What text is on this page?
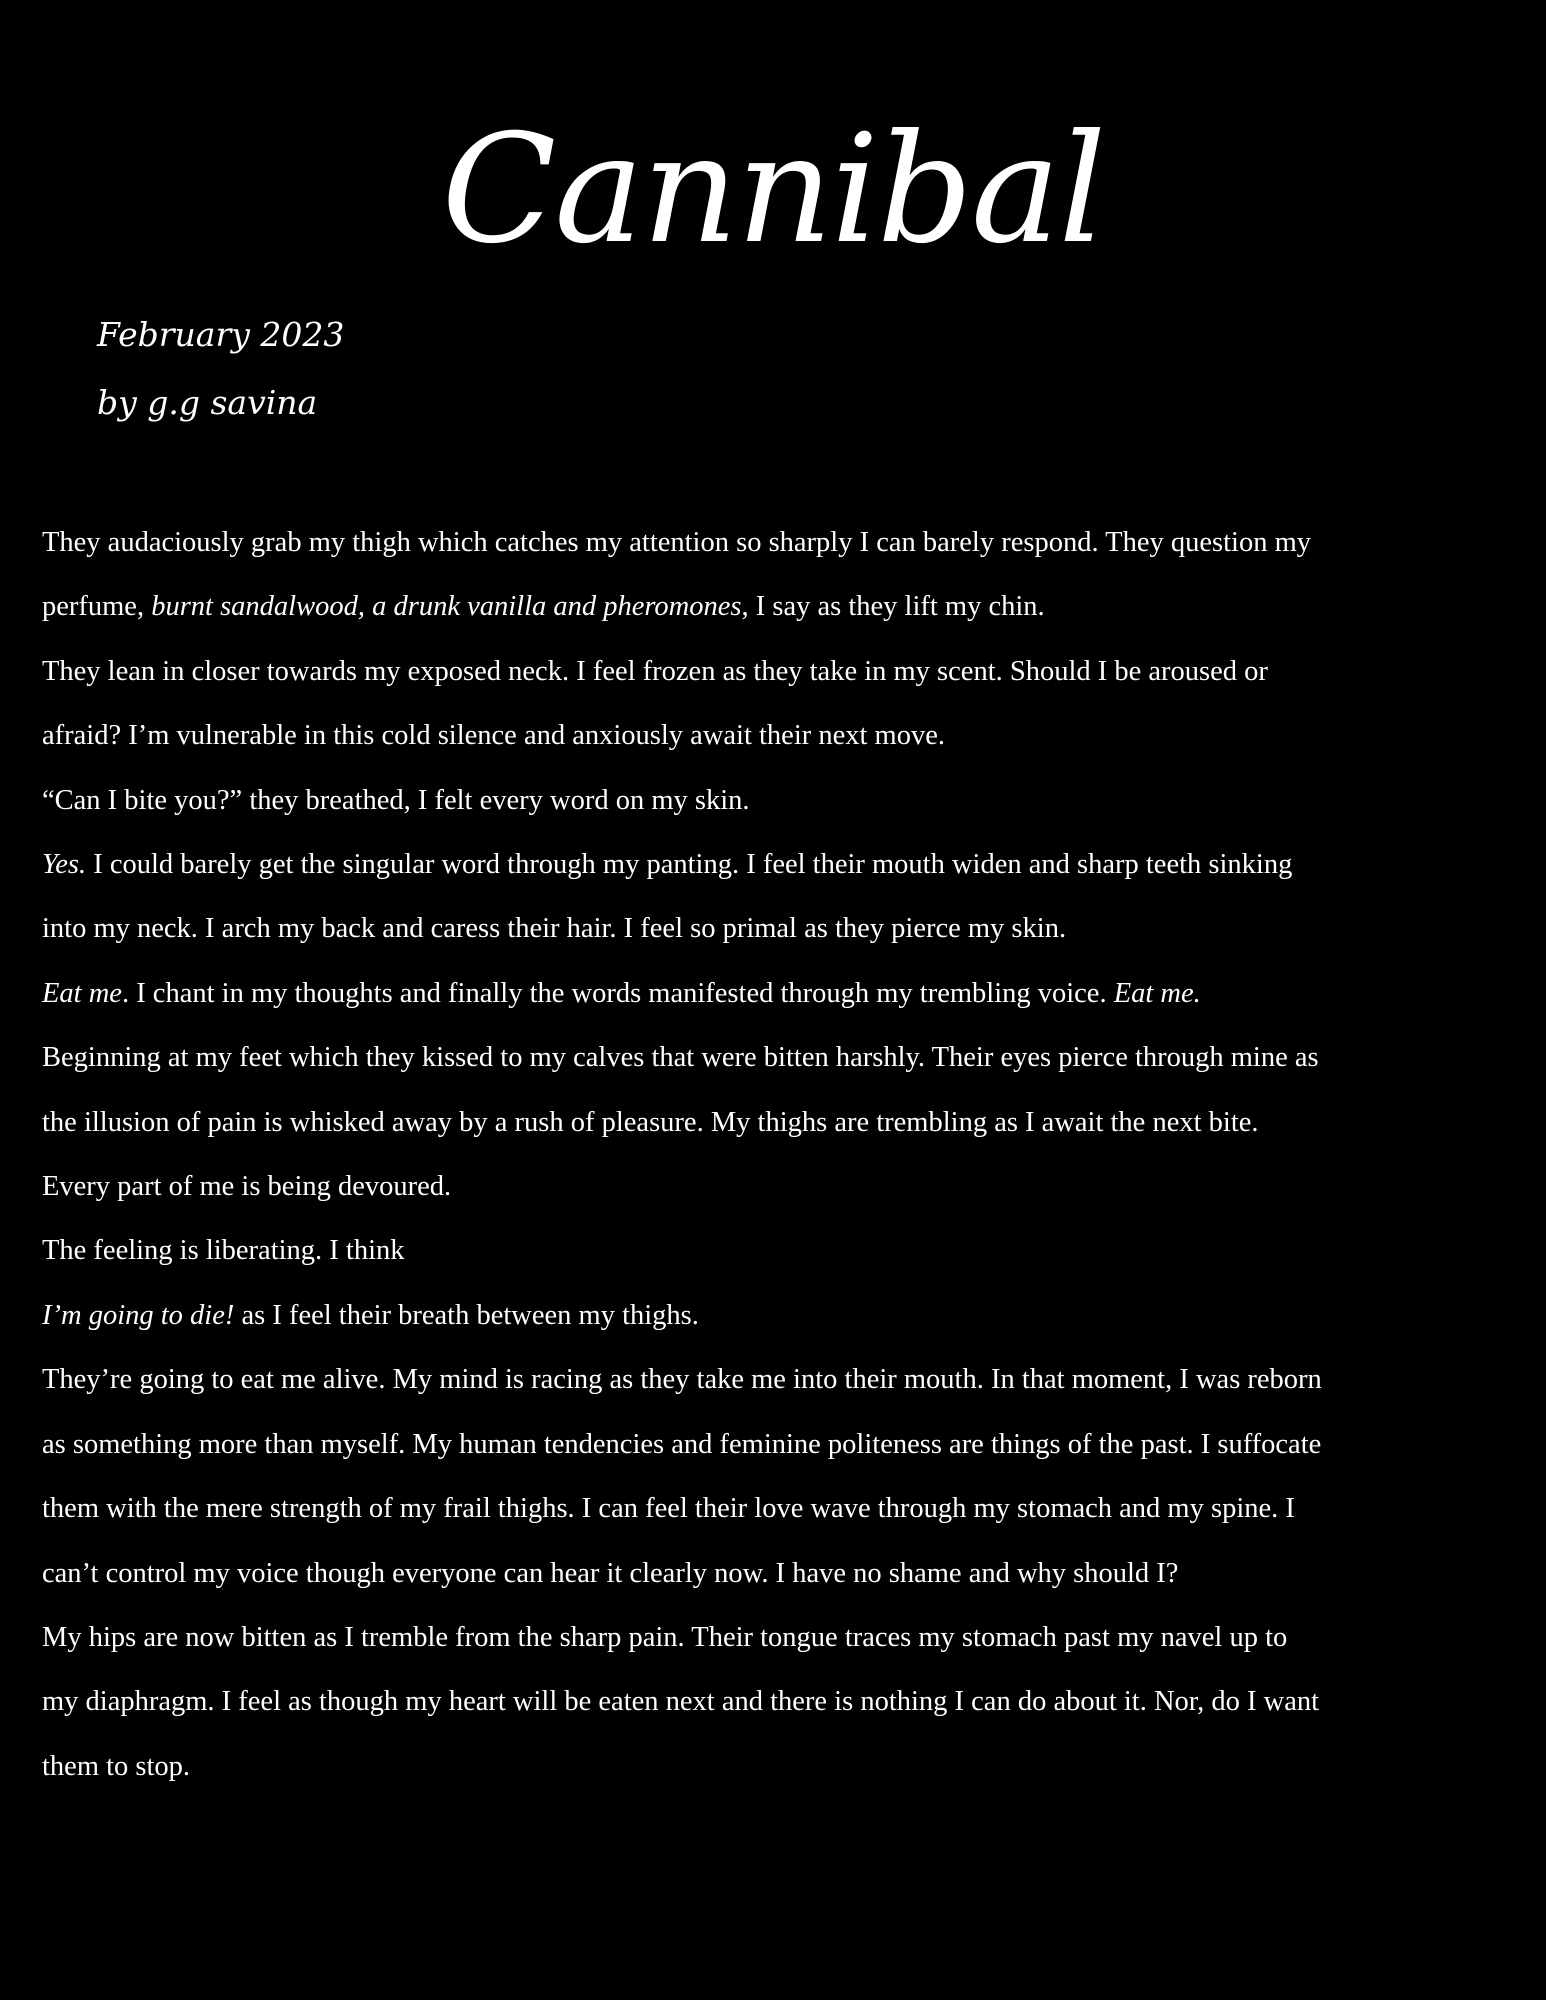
Cannibal
February 2023
by g.g savina

They audaciously grab my thigh which catches my attention so sharply I can barely respond. They question my

perfume, burnt sandalwood, a drunk vanilla and pheromones, I say as they lift my chin.

They lean in closer towards my exposed neck. I feel frozen as they take in my scent. Should I be aroused or

afraid? I’m vulnerable in this cold silence and anxiously await their next move.

“Can I bite you?” they breathed, I felt every word on my skin.

Yes. I could barely get the singular word through my panting. I feel their mouth widen and sharp teeth sinking

into my neck. I arch my back and caress their hair. I feel so primal as they pierce my skin.

Eat me. I chant in my thoughts and finally the words manifested through my trembling voice. Eat me.

Beginning at my feet which they kissed to my calves that were bitten harshly. Their eyes pierce through mine as

the illusion of pain is whisked away by a rush of pleasure. My thighs are trembling as I await the next bite.

Every part of me is being devoured.

The feeling is liberating. I think

I’m going to die! as I feel their breath between my thighs.

They’re going to eat me alive. My mind is racing as they take me into their mouth. In that moment, I was reborn

as something more than myself. My human tendencies and feminine politeness are things of the past. I suffocate

them with the mere strength of my frail thighs. I can feel their love wave through my stomach and my spine. I

can’t control my voice though everyone can hear it clearly now. I have no shame and why should I?

My hips are now bitten as I tremble from the sharp pain. Their tongue traces my stomach past my navel up to

my diaphragm. I feel as though my heart will be eaten next and there is nothing I can do about it. Nor, do I want

them to stop.
